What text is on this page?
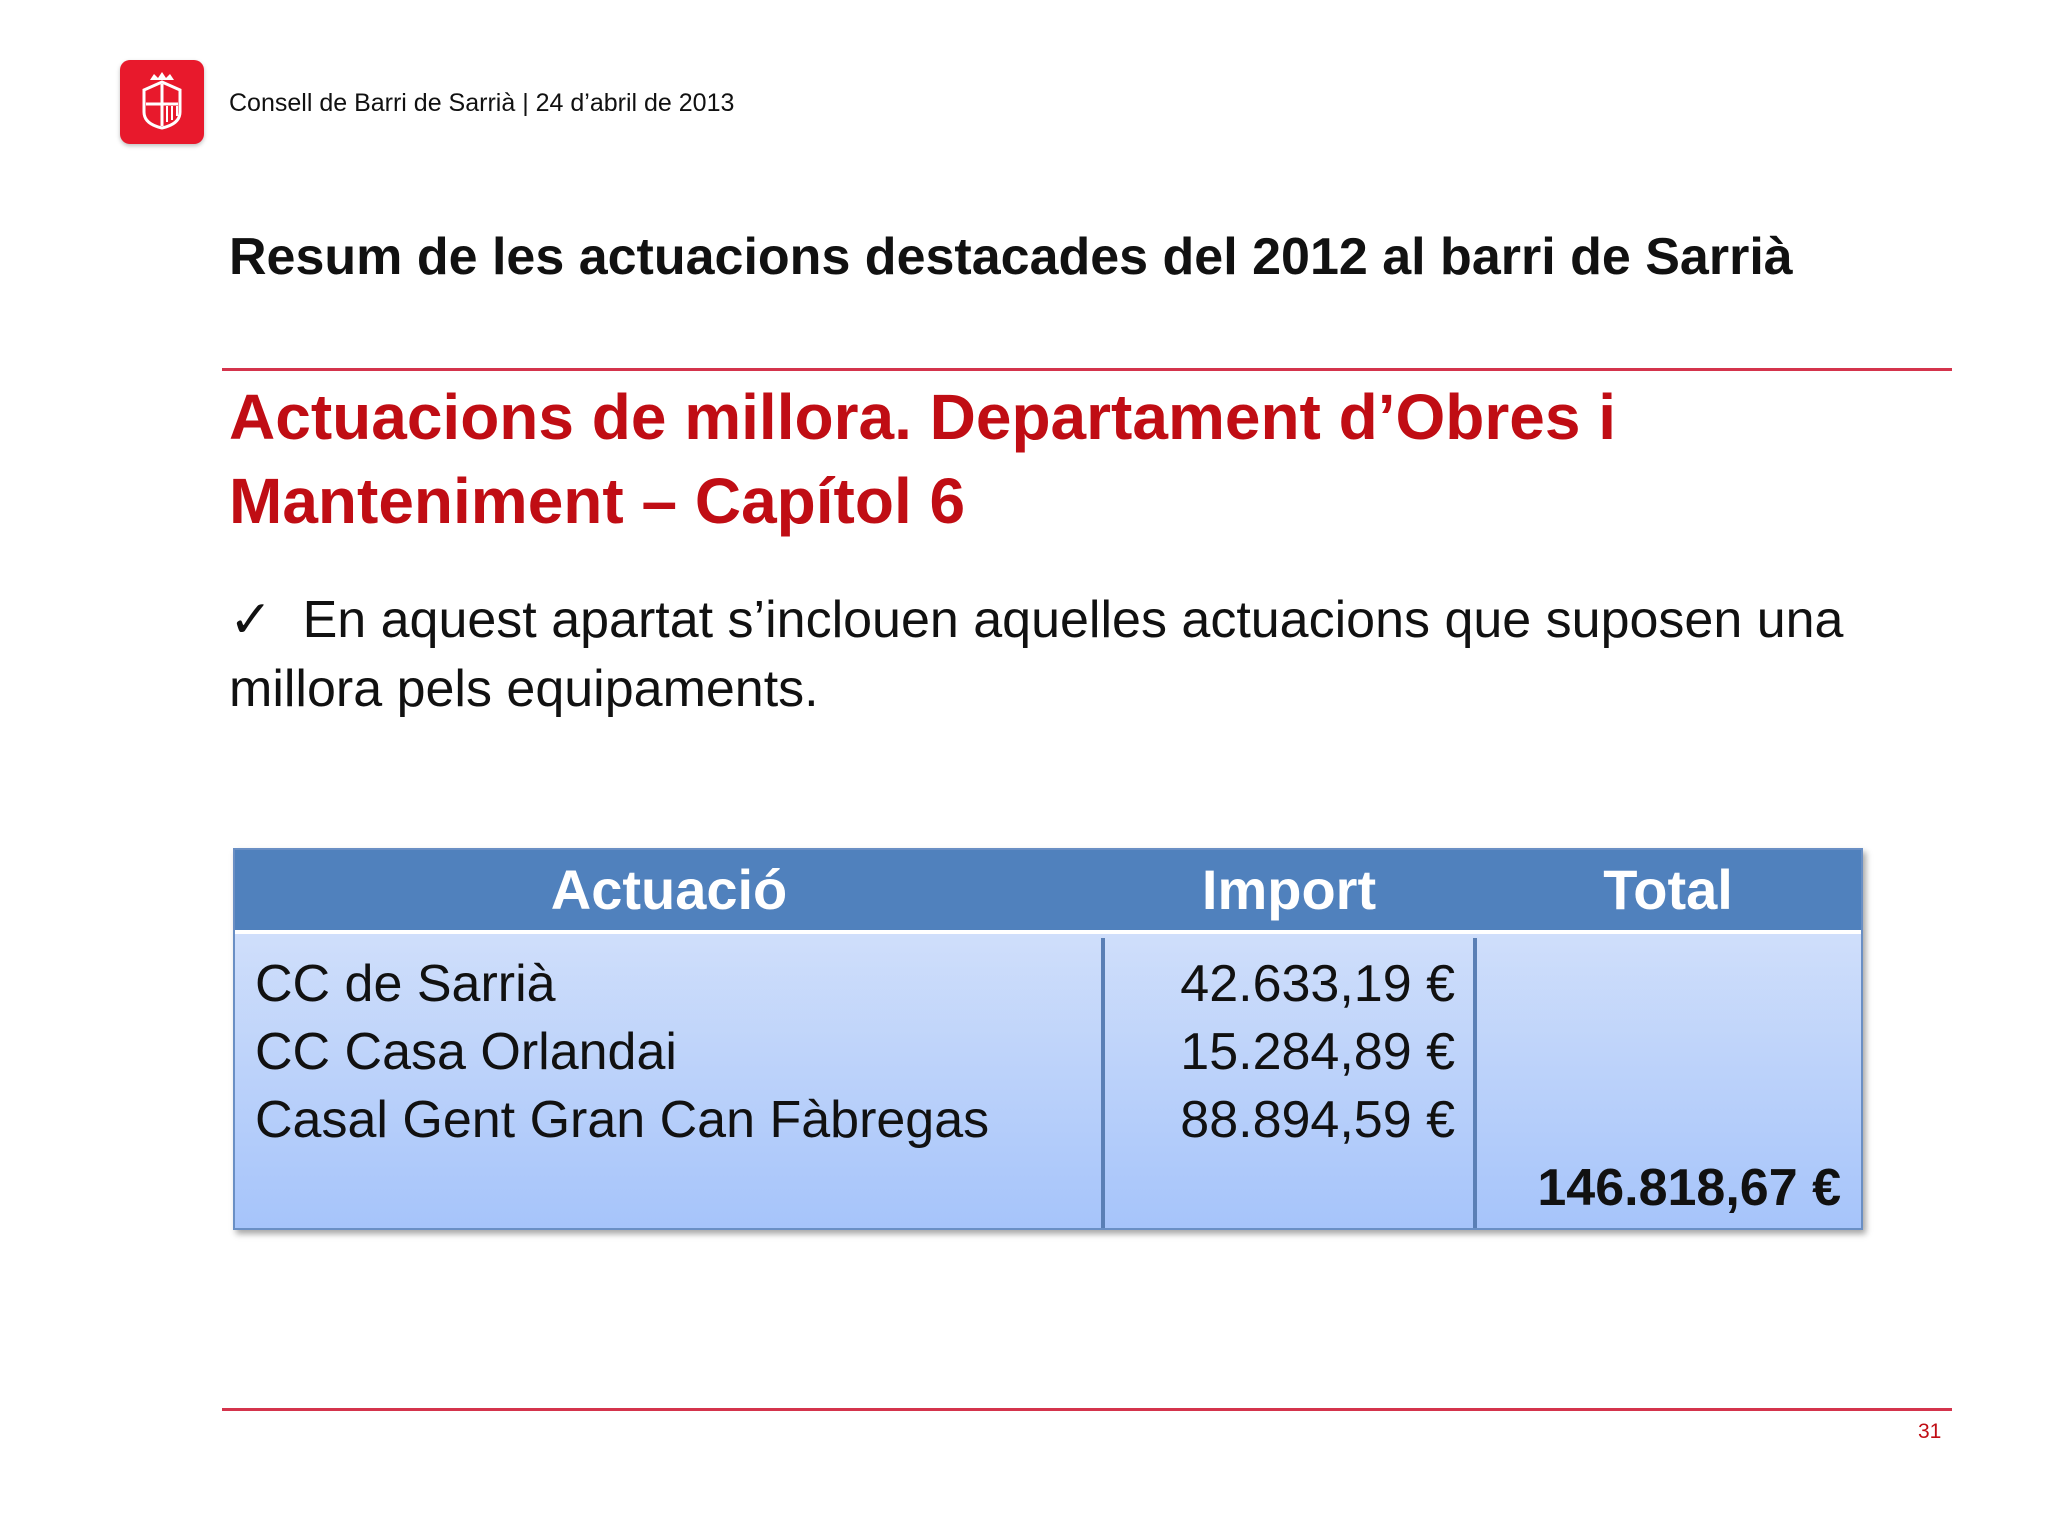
Consell de Barri de Sarrià | 24 d’abril de 2013
Resum de les actuacions destacades del 2012 al barri de Sarrià
Actuacions de millora. Departament d’Obres i Manteniment – Capítol 6
✓ En aquest apartat s’inclouen aquelles actuacions que suposen una millora pels equipaments.
Actuació	Import	Total
CC de Sarrià
CC Casa Orlandai
Casal Gent Gran Can Fàbregas
42.633,19 €
15.284,89 €
88.894,59 €
146.818,67 €
31
